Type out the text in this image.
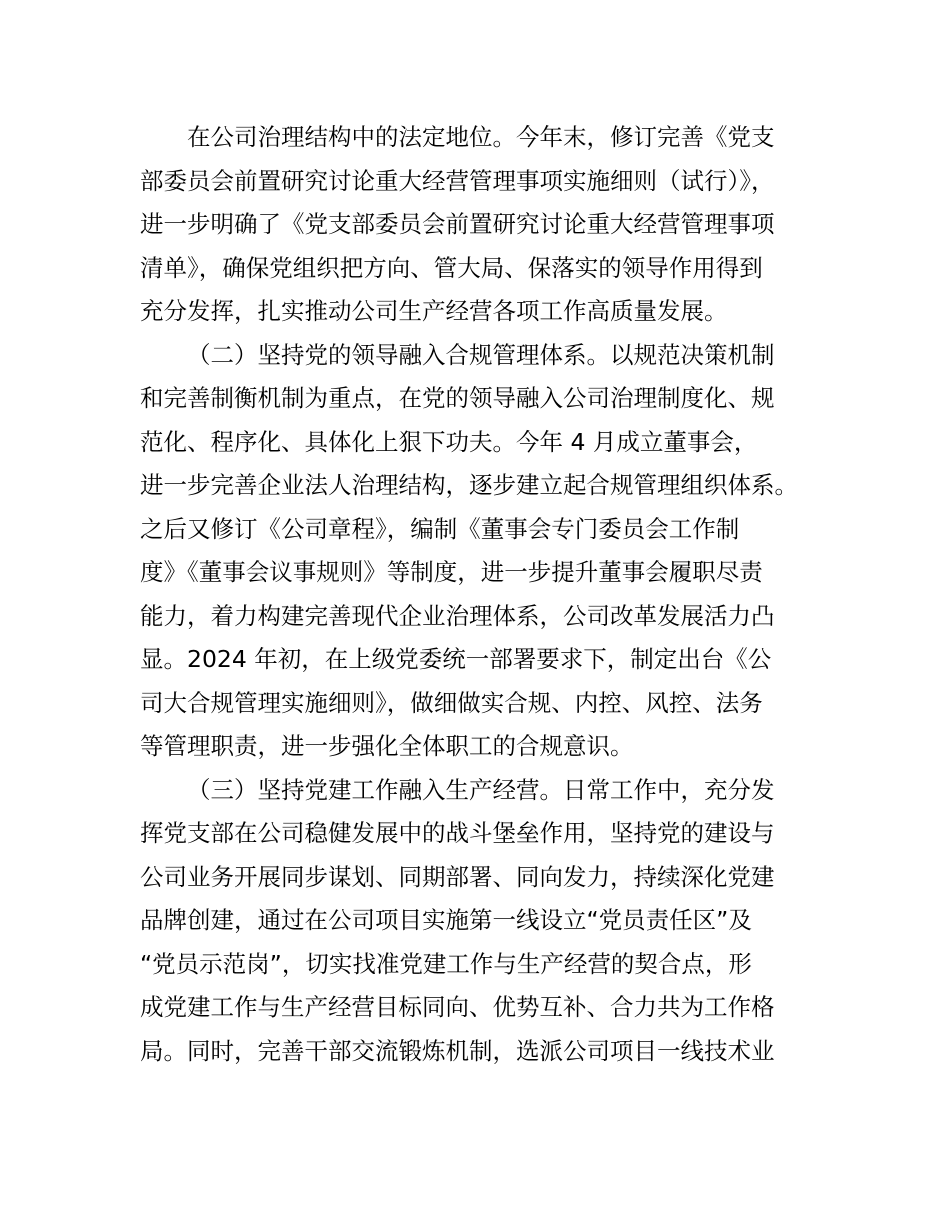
在公司治理结构中的法定地位。今年末，修订完善《党支
部委员会前置研究讨论重大经营管理事项实施细则（试行）》，
进一步明确了《党支部委员会前置研究讨论重大经营管理事项
清单》，确保党组织把方向、管大局、保落实的领导作用得到
充分发挥，扎实推动公司生产经营各项工作高质量发展。
（二）坚持党的领导融入合规管理体系。以规范决策机制
和完善制衡机制为重点，在党的领导融入公司治理制度化、规
范化、程序化、具体化上狠下功夫。今年 4 月成立董事会，
进一步完善企业法人治理结构，逐步建立起合规管理组织体系。
之后又修订《公司章程》，编制《董事会专门委员会工作制
度》《董事会议事规则》等制度，进一步提升董事会履职尽责
能力，着力构建完善现代企业治理体系，公司改革发展活力凸
显。2024 年初，在上级党委统一部署要求下，制定出台《公
司大合规管理实施细则》，做细做实合规、内控、风控、法务
等管理职责，进一步强化全体职工的合规意识。
（三）坚持党建工作融入生产经营。日常工作中，充分发
挥党支部在公司稳健发展中的战斗堡垒作用，坚持党的建设与
公司业务开展同步谋划、同期部署、同向发力，持续深化党建
品牌创建，通过在公司项目实施第一线设立“党员责任区”及
“党员示范岗”，切实找准党建工作与生产经营的契合点，形
成党建工作与生产经营目标同向、优势互补、合力共为工作格
局。同时，完善干部交流锻炼机制，选派公司项目一线技术业
